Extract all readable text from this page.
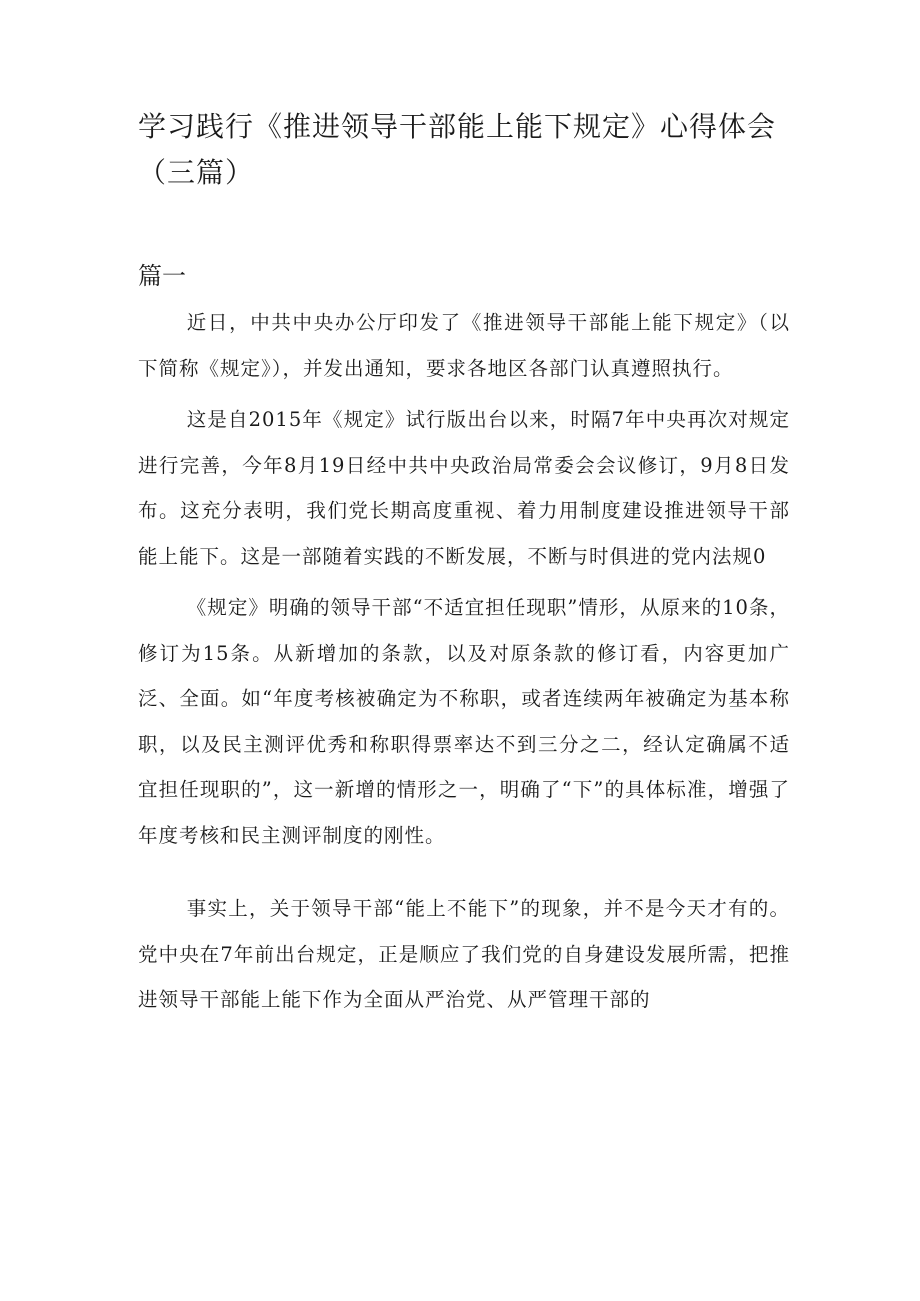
学习践行《推进领导干部能上能下规定》心得体会（三篇）
篇一

近日，中共中央办公厅印发了《推进领导干部能上能下规定》（以下简称《规定》），并发出通知，要求各地区各部门认真遵照执行。

这是自2015年《规定》试行版出台以来，时隔7年中央再次对规定进行完善，今年8月19日经中共中央政治局常委会会议修订，9月8日发布。这充分表明，我们党长期高度重视、着力用制度建设推进领导干部能上能下。这是一部随着实践的不断发展，不断与时俱进的党内法规0

《规定》明确的领导干部“不适宜担任现职”情形，从原来的10条，修订为15条。从新增加的条款，以及对原条款的修订看，内容更加广泛、全面。如“年度考核被确定为不称职，或者连续两年被确定为基本称职，以及民主测评优秀和称职得票率达不到三分之二，经认定确属不适宜担任现职的”，这一新增的情形之一，明确了“下”的具体标准，增强了年度考核和民主测评制度的刚性。

事实上，关于领导干部“能上不能下”的现象，并不是今天才有的。党中央在7年前出台规定，正是顺应了我们党的自身建设发展所需，把推进领导干部能上能下作为全面从严治党、从严管理干部的
